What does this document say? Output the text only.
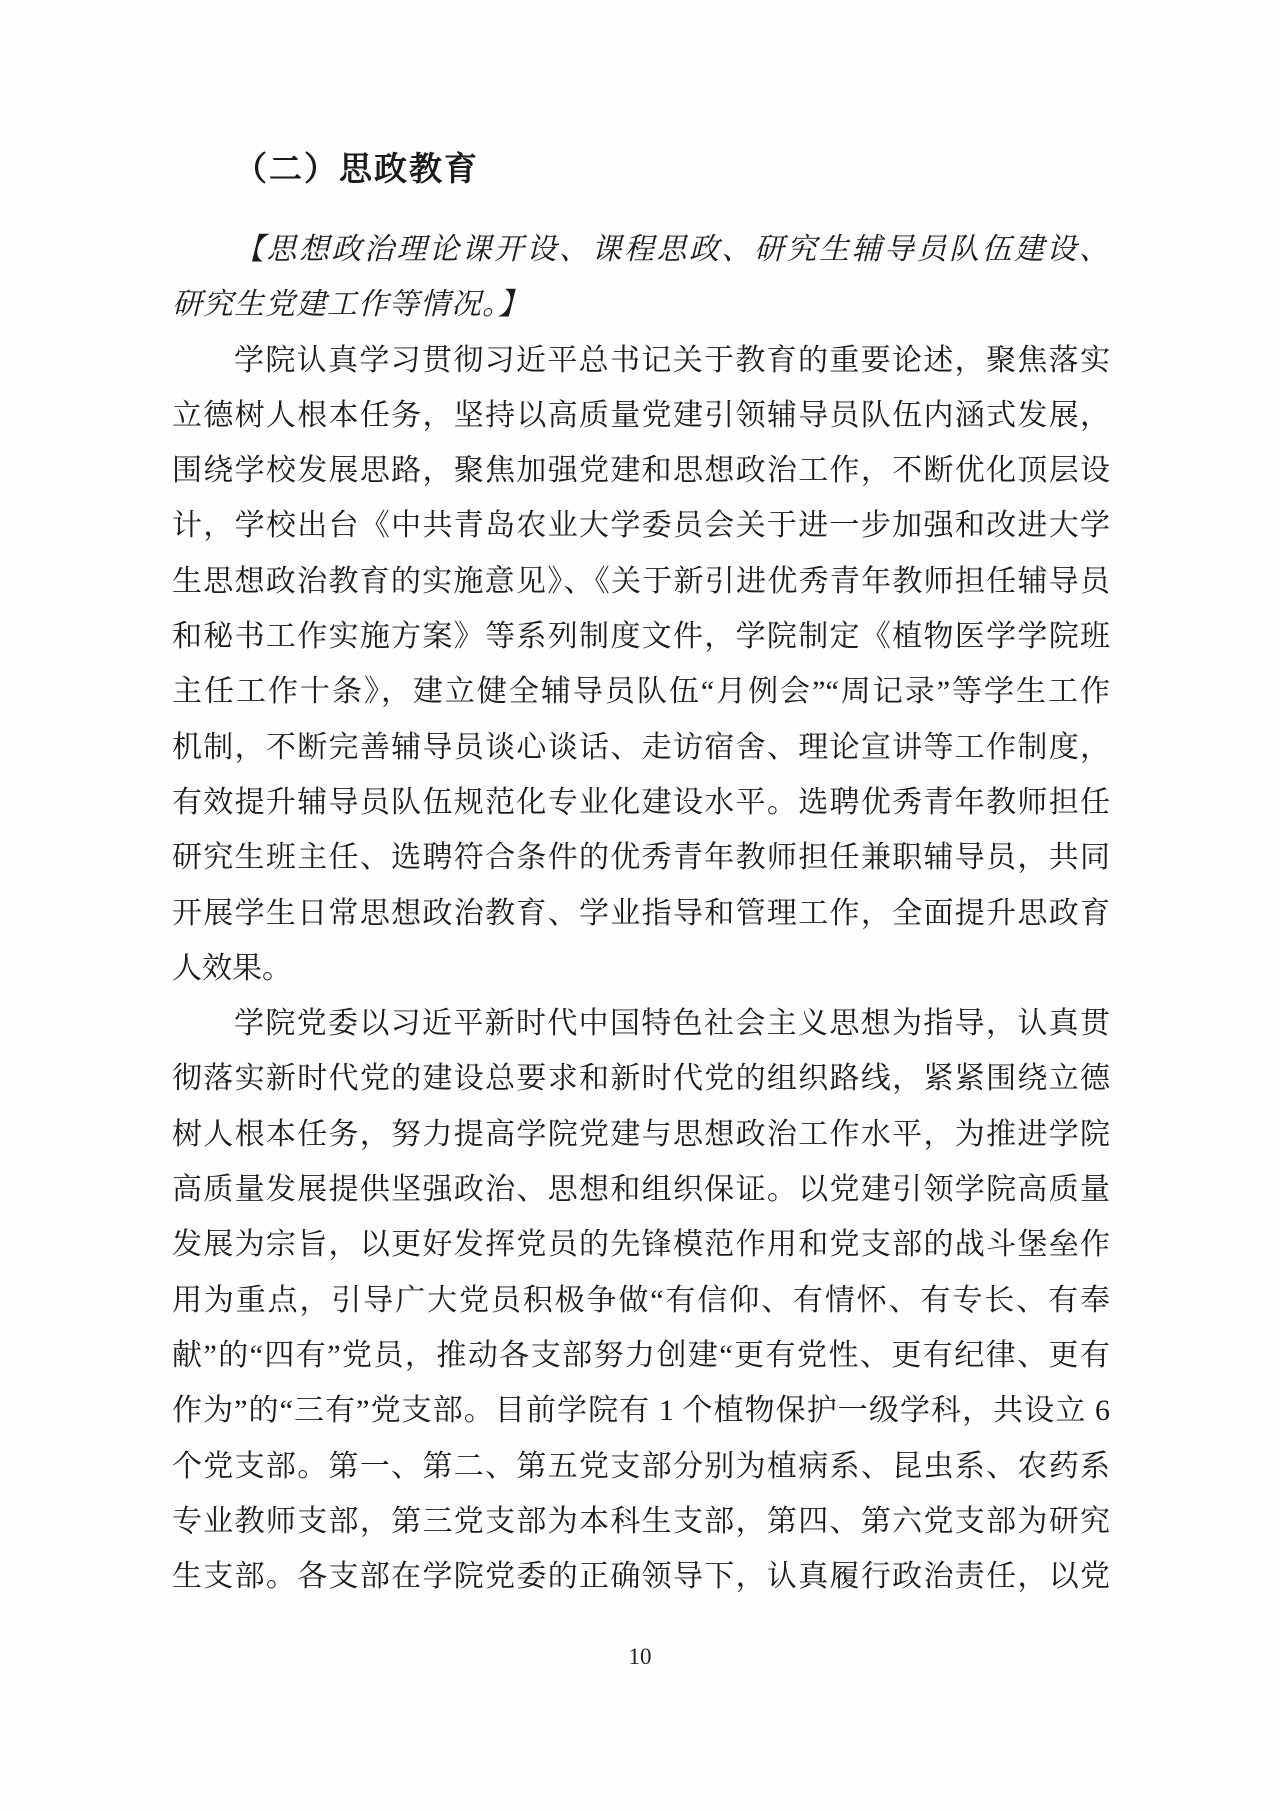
（二）思政教育
【思想政治理论课开设、课程思政、研究生辅导员队伍建设、
研究生党建工作等情况。】
学院认真学习贯彻习近平总书记关于教育的重要论述，聚焦落实
立德树人根本任务，坚持以高质量党建引领辅导员队伍内涵式发展，
围绕学校发展思路，聚焦加强党建和思想政治工作，不断优化顶层设
计，学校出台《中共青岛农业大学委员会关于进一步加强和改进大学
生思想政治教育的实施意见》、《关于新引进优秀青年教师担任辅导员
和秘书工作实施方案》等系列制度文件，学院制定《植物医学学院班
主任工作十条》，建立健全辅导员队伍“月例会”“周记录”等学生工作
机制，不断完善辅导员谈心谈话、走访宿舍、理论宣讲等工作制度，
有效提升辅导员队伍规范化专业化建设水平。选聘优秀青年教师担任
研究生班主任、选聘符合条件的优秀青年教师担任兼职辅导员，共同
开展学生日常思想政治教育、学业指导和管理工作，全面提升思政育
人效果。
学院党委以习近平新时代中国特色社会主义思想为指导，认真贯
彻落实新时代党的建设总要求和新时代党的组织路线，紧紧围绕立德
树人根本任务，努力提高学院党建与思想政治工作水平，为推进学院
高质量发展提供坚强政治、思想和组织保证。以党建引领学院高质量
发展为宗旨，以更好发挥党员的先锋模范作用和党支部的战斗堡垒作
用为重点，引导广大党员积极争做“有信仰、有情怀、有专长、有奉
献”的“四有”党员，推动各支部努力创建“更有党性、更有纪律、更有
作为”的“三有”党支部。目前学院有 1 个植物保护一级学科，共设立 6
个党支部。第一、第二、第五党支部分别为植病系、昆虫系、农药系
专业教师支部，第三党支部为本科生支部，第四、第六党支部为研究
生支部。各支部在学院党委的正确领导下，认真履行政治责任，以党
10
